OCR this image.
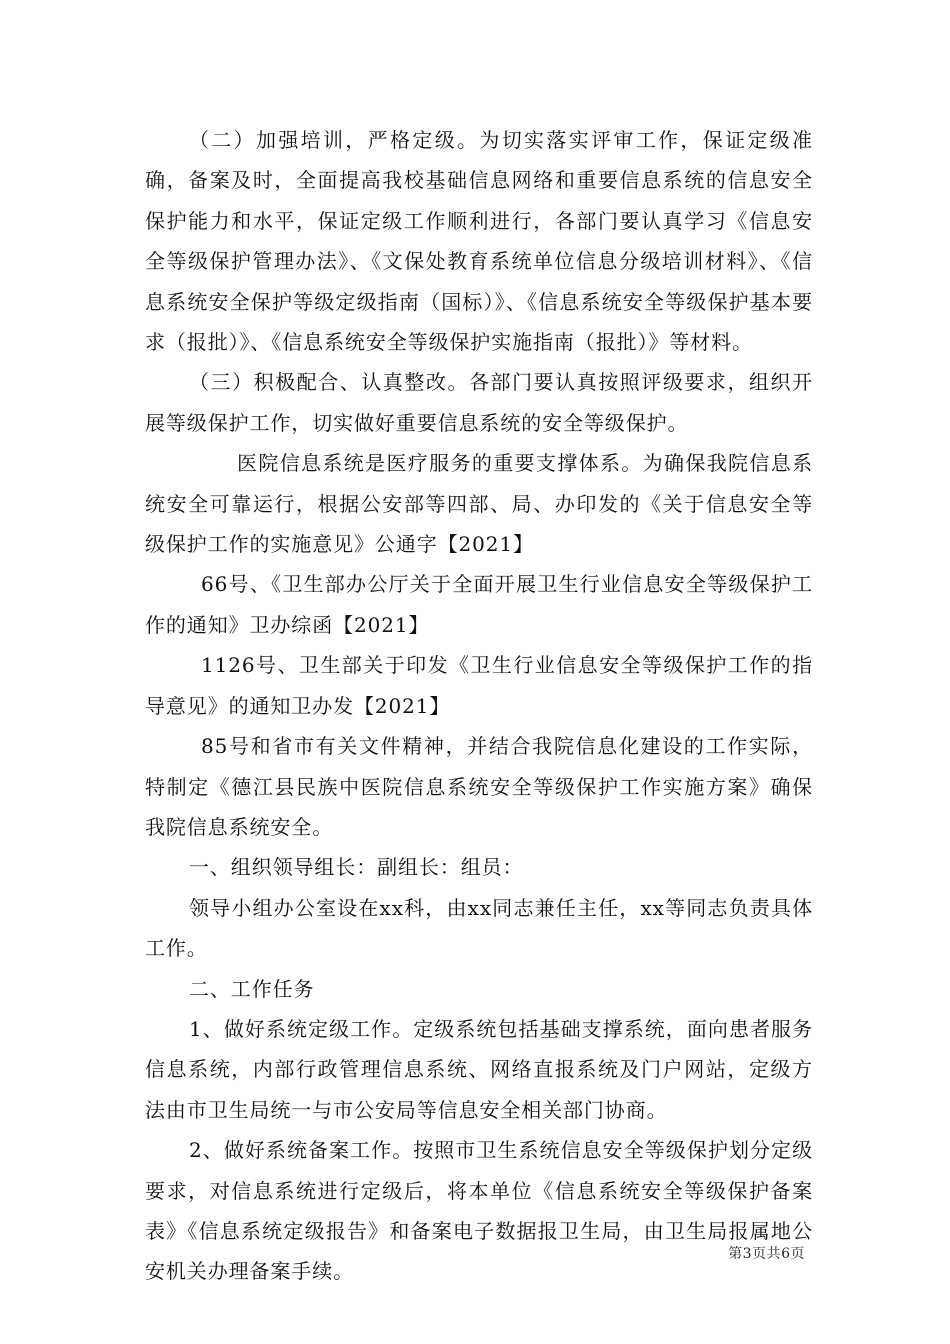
（二）加强培训，严格定级。为切实落实评审工作，保证定级准确，备案及时，全面提高我校基础信息网络和重要信息系统的信息安全保护能力和水平，保证定级工作顺利进行，各部门要认真学习《信息安全等级保护管理办法》、《文保处教育系统单位信息分级培训材料》、《信息系统安全保护等级定级指南（国标）》、《信息系统安全等级保护基本要求（报批）》、《信息系统安全等级保护实施指南（报批）》等材料。

（三）积极配合、认真整改。各部门要认真按照评级要求，组织开展等级保护工作，切实做好重要信息系统的安全等级保护。

医院信息系统是医疗服务的重要支撑体系。为确保我院信息系统安全可靠运行，根据公安部等四部、局、办印发的《关于信息安全等级保护工作的实施意见》公通字【2021】

66号、《卫生部办公厅关于全面开展卫生行业信息安全等级保护工作的通知》卫办综函【2021】

1126号、卫生部关于印发《卫生行业信息安全等级保护工作的指导意见》的通知卫办发【2021】

85号和省市有关文件精神，并结合我院信息化建设的工作实际，特制定《德江县民族中医院信息系统安全等级保护工作实施方案》确保我院信息系统安全。

一、组织领导组长：副组长：组员：

领导小组办公室设在xx科，由xx同志兼任主任，xx等同志负责具体工作。

二、工作任务

1、做好系统定级工作。定级系统包括基础支撑系统，面向患者服务信息系统，内部行政管理信息系统、网络直报系统及门户网站，定级方法由市卫生局统一与市公安局等信息安全相关部门协商。

2、做好系统备案工作。按照市卫生系统信息安全等级保护划分定级要求，对信息系统进行定级后，将本单位《信息系统安全等级保护备案表》《信息系统定级报告》和备案电子数据报卫生局，由卫生局报属地公安机关办理备案手续。

第3页共6页
